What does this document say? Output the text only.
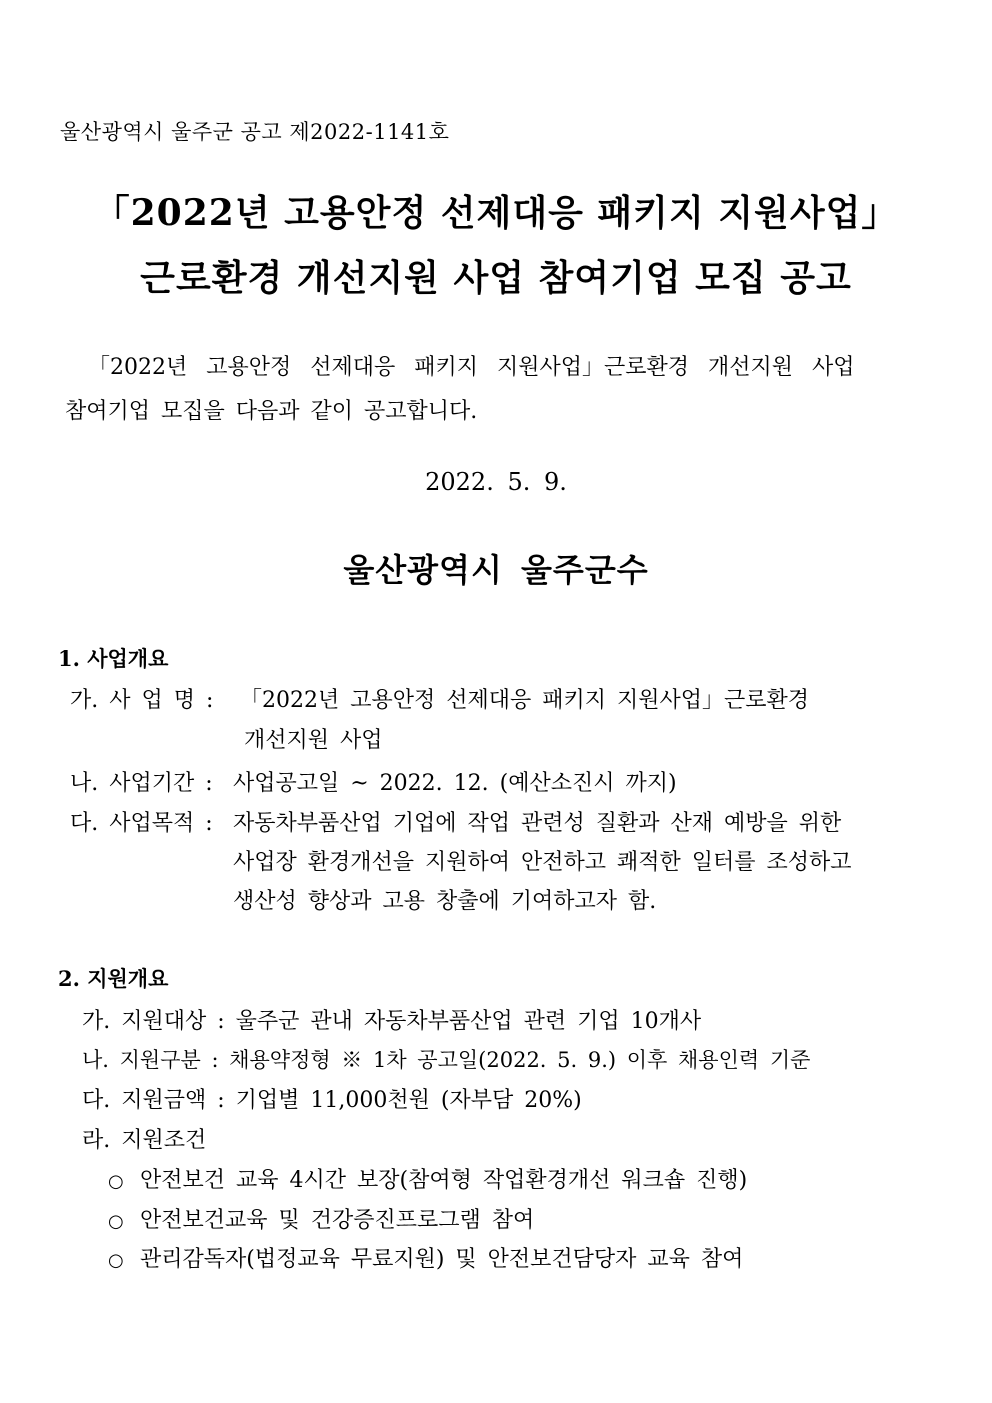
울산광역시 울주군 공고 제2022-1141호
「2022년 고용안정 선제대응 패키지 지원사업」
근로환경 개선지원 사업 참여기업 모집 공고
「2022년 고용안정 선제대응 패키지 지원사업」근로환경 개선지원 사업
참여기업 모집을 다음과 같이 공고합니다.
2022. 5. 9.
울산광역시 울주군수
1. 사업개요
가. 사 업 명 : 「2022년 고용안정 선제대응 패키지 지원사업」근로환경
개선지원 사업
나. 사업기간 : 사업공고일 ~ 2022. 12. (예산소진시 까지)
다. 사업목적 : 자동차부품산업 기업에 작업 관련성 질환과 산재 예방을 위한
사업장 환경개선을 지원하여 안전하고 쾌적한 일터를 조성하고
생산성 향상과 고용 창출에 기여하고자 함.
2. 지원개요
가. 지원대상 : 울주군 관내 자동차부품산업 관련 기업 10개사
나. 지원구분 : 채용약정형 ※ 1차 공고일(2022. 5. 9.) 이후 채용인력 기준
다. 지원금액 : 기업별 11,000천원 (자부담 20%)
라. 지원조건
○ 안전보건 교육 4시간 보장(참여형 작업환경개선 워크숍 진행)
○ 안전보건교육 및 건강증진프로그램 참여
○ 관리감독자(법정교육 무료지원) 및 안전보건담당자 교육 참여
